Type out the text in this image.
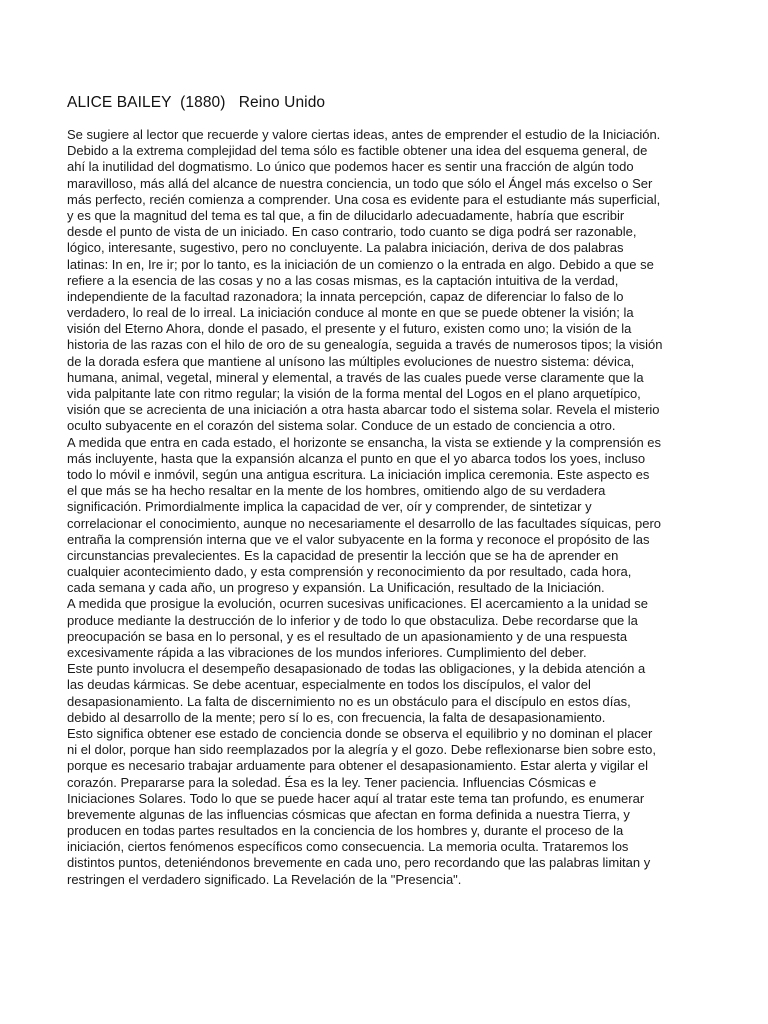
ALICE BAILEY  (1880)   Reino Unido
Se sugiere al lector que recuerde y valore ciertas ideas, antes de emprender el estudio de la Iniciación.
Debido a la extrema complejidad del tema sólo es factible obtener una idea del esquema general, de
ahí la inutilidad del dogmatismo. Lo único que podemos hacer es sentir una fracción de algún todo
maravilloso, más allá del alcance de nuestra conciencia, un todo que sólo el Ángel más excelso o Ser
más perfecto, recién comienza a comprender. Una cosa es evidente para el estudiante más superficial,
y es que la magnitud del tema es tal que, a fin de dilucidarlo adecuadamente, habría que escribir
desde el punto de vista de un iniciado. En caso contrario, todo cuanto se diga podrá ser razonable,
lógico, interesante, sugestivo, pero no concluyente. La palabra iniciación, deriva de dos palabras
latinas: In en, Ire ir; por lo tanto, es la iniciación de un comienzo o la entrada en algo. Debido a que se
refiere a la esencia de las cosas y no a las cosas mismas, es la captación intuitiva de la verdad,
independiente de la facultad razonadora; la innata percepción, capaz de diferenciar lo falso de lo
verdadero, lo real de lo irreal. La iniciación conduce al monte en que se puede obtener la visión; la
visión del Eterno Ahora, donde el pasado, el presente y el futuro, existen como uno; la visión de la
historia de las razas con el hilo de oro de su genealogía, seguida a través de numerosos tipos; la visión
de la dorada esfera que mantiene al unísono las múltiples evoluciones de nuestro sistema: dévica,
humana, animal, vegetal, mineral y elemental, a través de las cuales puede verse claramente que la
vida palpitante late con ritmo regular; la visión de la forma mental del Logos en el plano arquetípico,
visión que se acrecienta de una iniciación a otra hasta abarcar todo el sistema solar. Revela el misterio
oculto subyacente en el corazón del sistema solar. Conduce de un estado de conciencia a otro.
A medida que entra en cada estado, el horizonte se ensancha, la vista se extiende y la comprensión es
más incluyente, hasta que la expansión alcanza el punto en que el yo abarca todos los yoes, incluso
todo lo móvil e inmóvil, según una antigua escritura. La iniciación implica ceremonia. Este aspecto es
el que más se ha hecho resaltar en la mente de los hombres, omitiendo algo de su verdadera
significación. Primordialmente implica la capacidad de ver, oír y comprender, de sintetizar y
correlacionar el conocimiento, aunque no necesariamente el desarrollo de las facultades síquicas, pero
entraña la comprensión interna que ve el valor subyacente en la forma y reconoce el propósito de las
circunstancias prevalecientes. Es la capacidad de presentir la lección que se ha de aprender en
cualquier acontecimiento dado, y esta comprensión y reconocimiento da por resultado, cada hora,
cada semana y cada año, un progreso y expansión. La Unificación, resultado de la Iniciación.
A medida que prosigue la evolución, ocurren sucesivas unificaciones. El acercamiento a la unidad se
produce mediante la destrucción de lo inferior y de todo lo que obstaculiza. Debe recordarse que la
preocupación se basa en lo personal, y es el resultado de un apasionamiento y de una respuesta
excesivamente rápida a las vibraciones de los mundos inferiores. Cumplimiento del deber.
Este punto involucra el desempeño desapasionado de todas las obligaciones, y la debida atención a
las deudas kármicas. Se debe acentuar, especialmente en todos los discípulos, el valor del
desapasionamiento. La falta de discernimiento no es un obstáculo para el discípulo en estos días,
debido al desarrollo de la mente; pero sí lo es, con frecuencia, la falta de desapasionamiento.
Esto significa obtener ese estado de conciencia donde se observa el equilibrio y no dominan el placer
ni el dolor, porque han sido reemplazados por la alegría y el gozo. Debe reflexionarse bien sobre esto,
porque es necesario trabajar arduamente para obtener el desapasionamiento. Estar alerta y vigilar el
corazón. Prepararse para la soledad. Ésa es la ley. Tener paciencia. Influencias Cósmicas e
Iniciaciones Solares. Todo lo que se puede hacer aquí al tratar este tema tan profundo, es enumerar
brevemente algunas de las influencias cósmicas que afectan en forma definida a nuestra Tierra, y
producen en todas partes resultados en la conciencia de los hombres y, durante el proceso de la
iniciación, ciertos fenómenos específicos como consecuencia. La memoria oculta. Trataremos los
distintos puntos, deteniéndonos brevemente en cada uno, pero recordando que las palabras limitan y
restringen el verdadero significado. La Revelación de la "Presencia".
